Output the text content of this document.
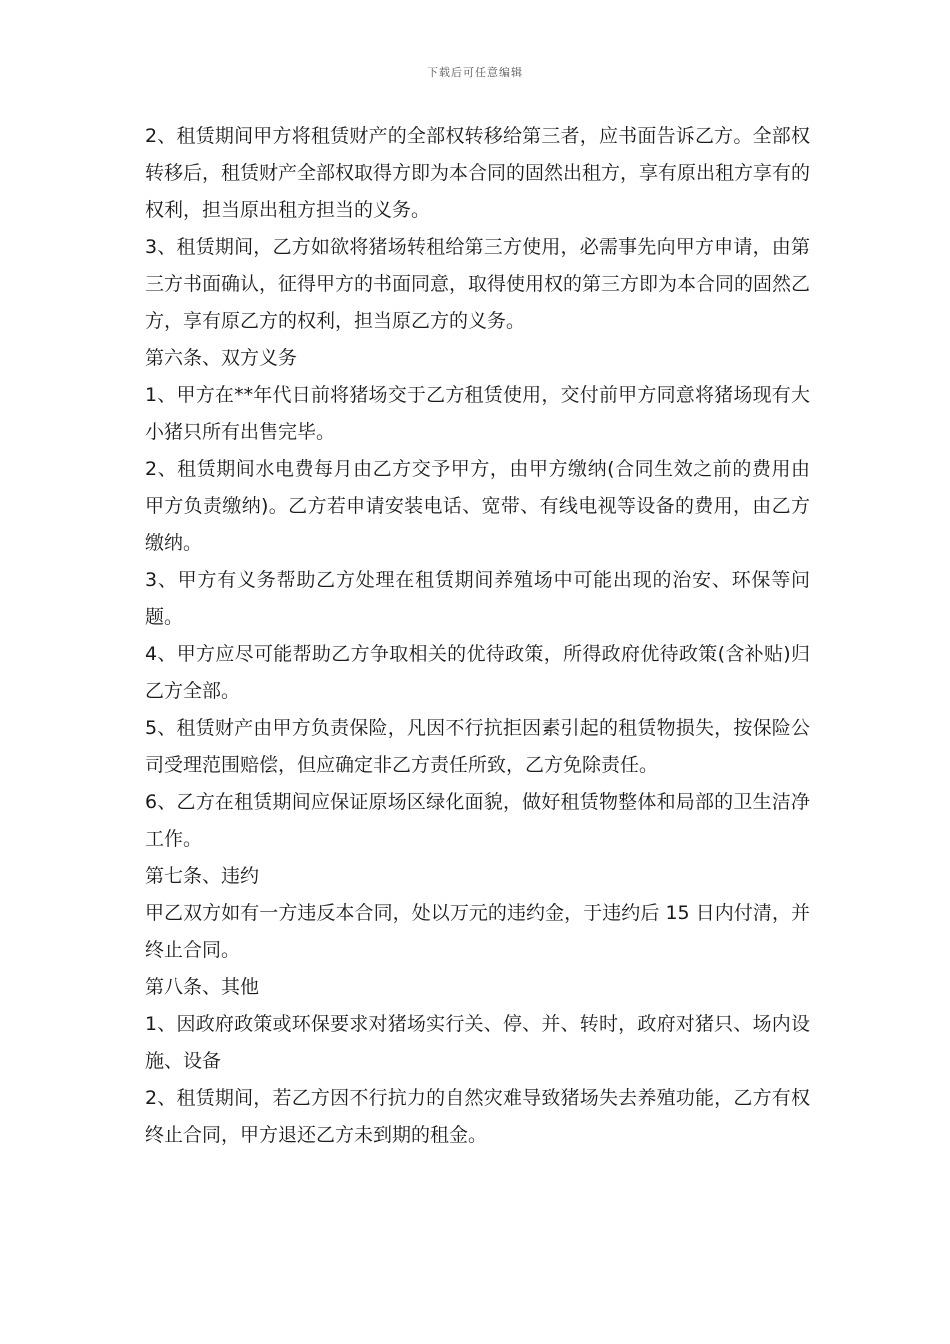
下载后可任意编辑

2、租赁期间甲方将租赁财产的全部权转移给第三者，应书面告诉乙方。全部权转移后，租赁财产全部权取得方即为本合同的固然出租方，享有原出租方享有的权利，担当原出租方担当的义务。

3、租赁期间，乙方如欲将猪场转租给第三方使用，必需事先向甲方申请，由第三方书面确认，征得甲方的书面同意，取得使用权的第三方即为本合同的固然乙方，享有原乙方的权利，担当原乙方的义务。

第六条、双方义务

1、甲方在**年代日前将猪场交于乙方租赁使用，交付前甲方同意将猪场现有大小猪只所有出售完毕。

2、租赁期间水电费每月由乙方交予甲方，由甲方缴纳(合同生效之前的费用由甲方负责缴纳)。乙方若申请安装电话、宽带、有线电视等设备的费用，由乙方缴纳。

3、甲方有义务帮助乙方处理在租赁期间养殖场中可能出现的治安、环保等问题。

4、甲方应尽可能帮助乙方争取相关的优待政策，所得政府优待政策(含补贴)归乙方全部。

5、租赁财产由甲方负责保险，凡因不行抗拒因素引起的租赁物损失，按保险公司受理范围赔偿，但应确定非乙方责任所致，乙方免除责任。

6、乙方在租赁期间应保证原场区绿化面貌，做好租赁物整体和局部的卫生洁净工作。

第七条、违约

甲乙双方如有一方违反本合同，处以万元的违约金，于违约后 15 日内付清，并终止合同。

第八条、其他

1、因政府政策或环保要求对猪场实行关、停、并、转时，政府对猪只、场内设施、设备

2、租赁期间，若乙方因不行抗力的自然灾难导致猪场失去养殖功能，乙方有权终止合同，甲方退还乙方未到期的租金。
